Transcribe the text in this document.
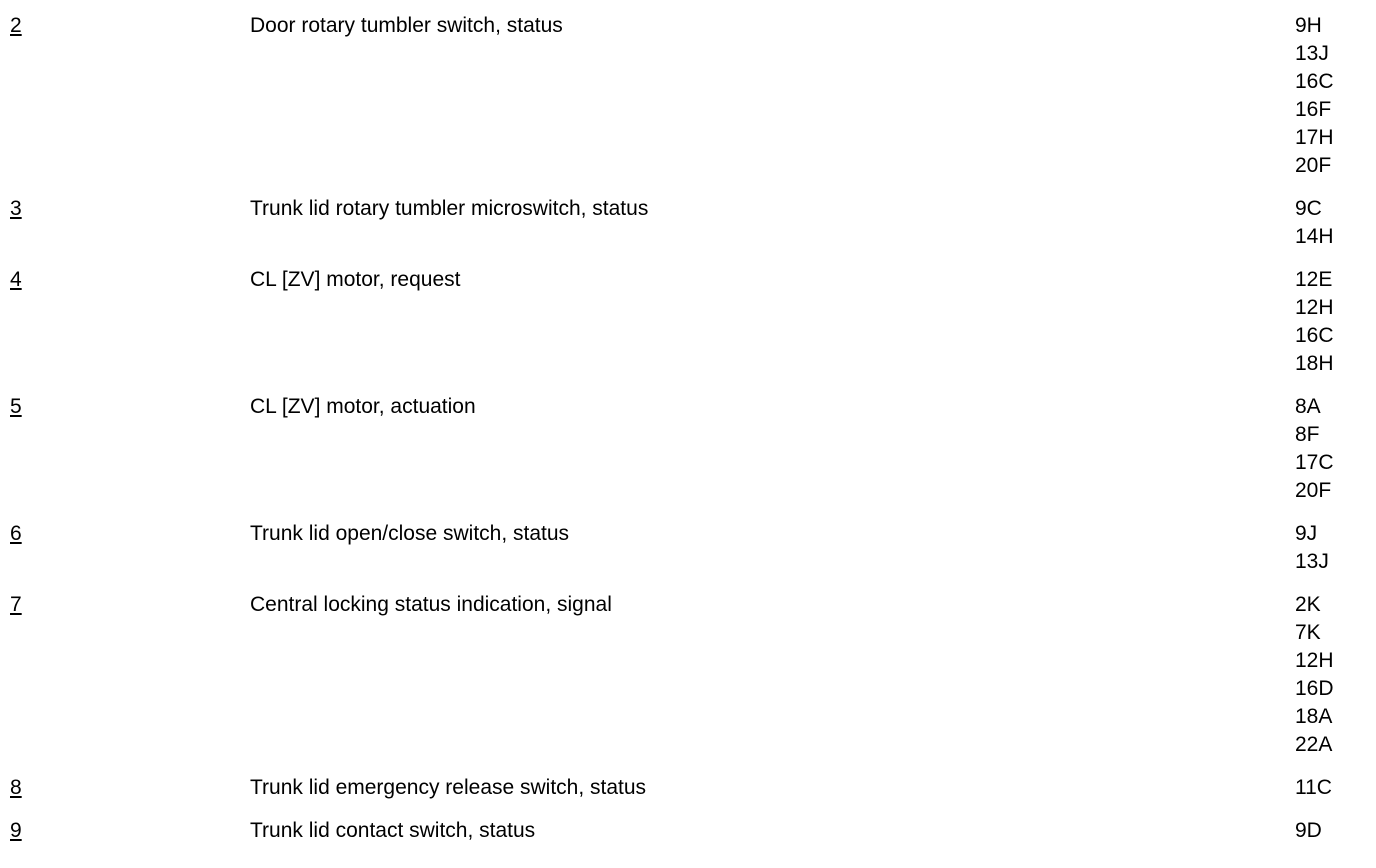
2	Door rotary tumbler switch, status	9H
13J
16C
16F
17H
20F
3	Trunk lid rotary tumbler microswitch, status	9C
14H
4	CL [ZV] motor, request	12E
12H
16C
18H
5	CL [ZV] motor, actuation	8A
8F
17C
20F
6	Trunk lid open/close switch, status	9J
13J
7	Central locking status indication, signal	2K
7K
12H
16D
18A
22A
8	Trunk lid emergency release switch, status	11C
9	Trunk lid contact switch, status	9D
